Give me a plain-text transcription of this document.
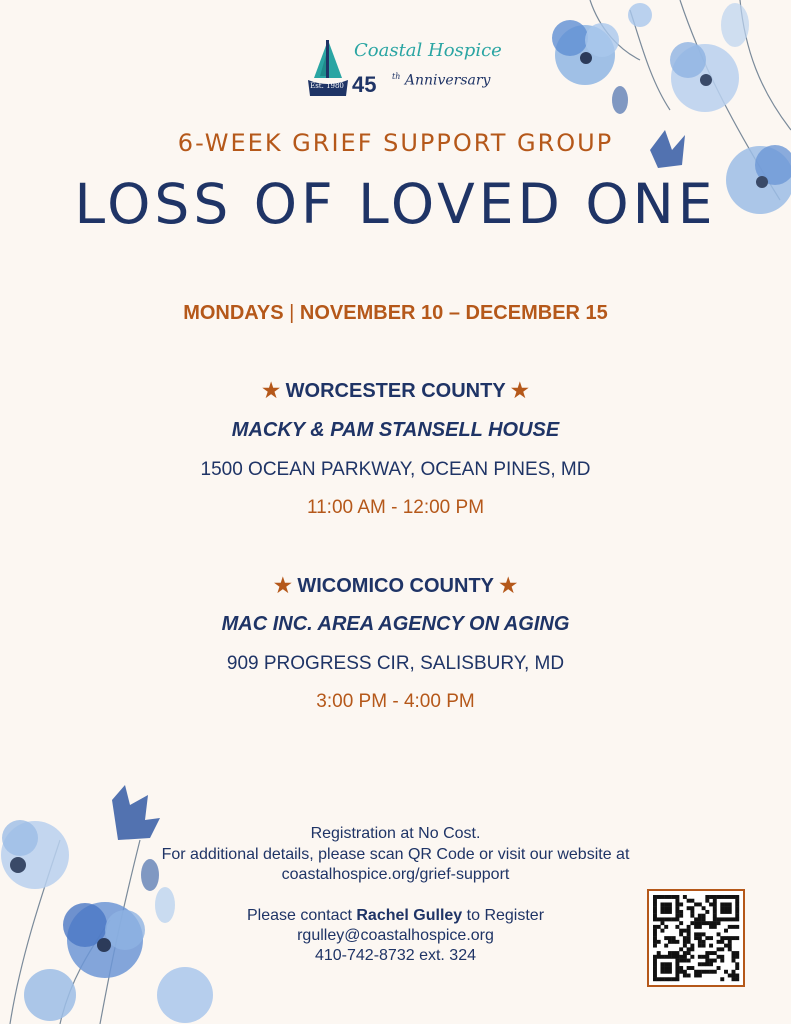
Est. 1980
Coastal Hospice
45 $^{th}$ Anniversary
6-WEEK GRIEF SUPPORT GROUP
LOSS OF LOVED ONE
MONDAYS | NOVEMBER 10 – DECEMBER 15
★ WORCESTER COUNTY ★
MACKY & PAM STANSELL HOUSE
1500 OCEAN PARKWAY, OCEAN PINES, MD
11:00 AM - 12:00 PM
★ WICOMICO COUNTY ★
MAC INC. AREA AGENCY ON AGING
909 PROGRESS CIR, SALISBURY, MD
3:00 PM - 4:00 PM
Registration at No Cost.
For additional details, please scan QR Code or visit our website at
coastalhospice.org/grief-support
Please contact Rachel Gulley to Register
rgulley@coastalhospice.org
410-742-8732 ext. 324
